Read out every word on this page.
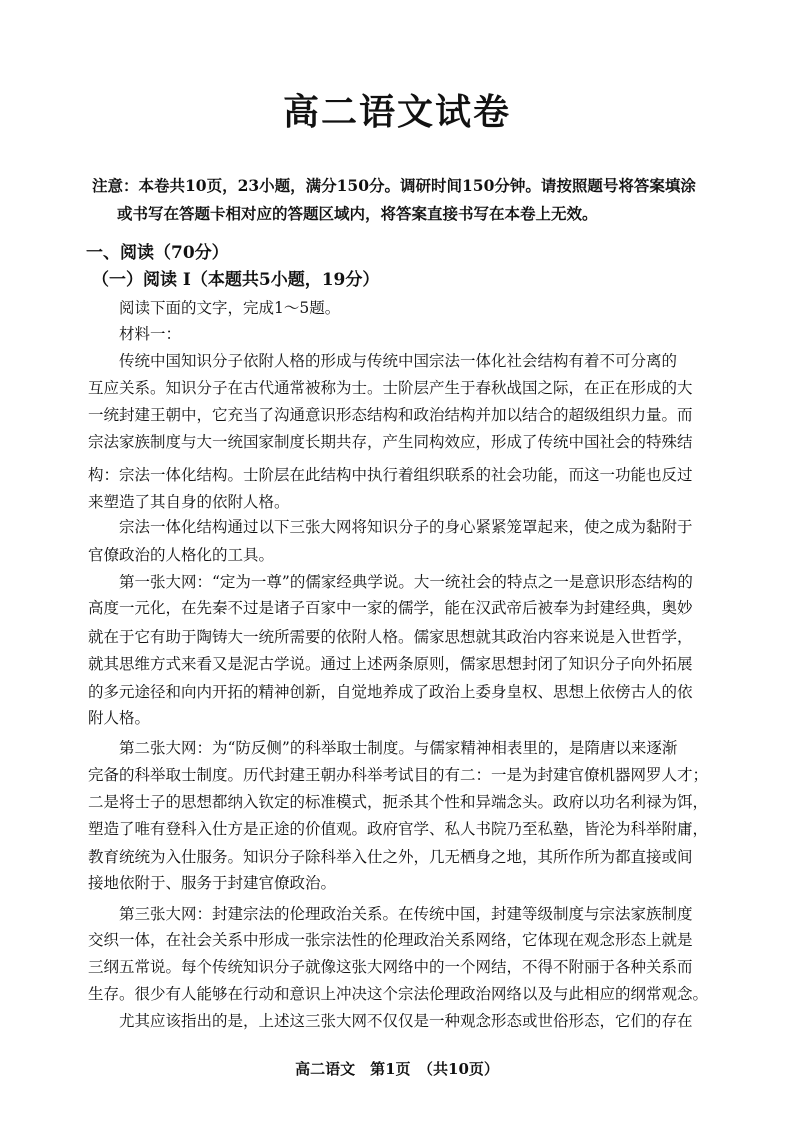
高二语文试卷
注意：本卷共10页，23小题，满分150分。调研时间150分钟。请按照题号将答案填涂
或书写在答题卡相对应的答题区域内，将答案直接书写在本卷上无效。
一、阅读（70分）
（一）阅读 I（本题共5小题，19分）
阅读下面的文字，完成1～5题。
材料一：
传统中国知识分子依附人格的形成与传统中国宗法一体化社会结构有着不可分离的
互应关系。知识分子在古代通常被称为士。士阶层产生于春秋战国之际，在正在形成的大
一统封建王朝中，它充当了沟通意识形态结构和政治结构并加以结合的超级组织力量。而
宗法家族制度与大一统国家制度长期共存，产生同构效应，形成了传统中国社会的特殊结
构：宗法一体化结构。士阶层在此结构中执行着组织联系的社会功能，而这一功能也反过
来塑造了其自身的依附人格。
宗法一体化结构通过以下三张大网将知识分子的身心紧紧笼罩起来，使之成为黏附于
官僚政治的人格化的工具。
第一张大网：“定为一尊”的儒家经典学说。大一统社会的特点之一是意识形态结构的
高度一元化，在先秦不过是诸子百家中一家的儒学，能在汉武帝后被奉为封建经典，奥妙
就在于它有助于陶铸大一统所需要的依附人格。儒家思想就其政治内容来说是入世哲学，
就其思维方式来看又是泥古学说。通过上述两条原则，儒家思想封闭了知识分子向外拓展
的多元途径和向内开拓的精神创新，自觉地养成了政治上委身皇权、思想上依傍古人的依
附人格。
第二张大网：为“防反侧”的科举取士制度。与儒家精神相表里的，是隋唐以来逐渐
完备的科举取士制度。历代封建王朝办科举考试目的有二：一是为封建官僚机器网罗人才；
二是将士子的思想都纳入钦定的标准模式，扼杀其个性和异端念头。政府以功名利禄为饵，
塑造了唯有登科入仕方是正途的价值观。政府官学、私人书院乃至私塾，皆沦为科举附庸，
教育统统为入仕服务。知识分子除科举入仕之外，几无栖身之地，其所作所为都直接或间
接地依附于、服务于封建官僚政治。
第三张大网：封建宗法的伦理政治关系。在传统中国，封建等级制度与宗法家族制度
交织一体，在社会关系中形成一张宗法性的伦理政治关系网络，它体现在观念形态上就是
三纲五常说。每个传统知识分子就像这张大网络中的一个网结，不得不附丽于各种关系而
生存。很少有人能够在行动和意识上冲决这个宗法伦理政治网络以及与此相应的纲常观念。
尤其应该指出的是，上述这三张大网不仅仅是一种观念形态或世俗形态，它们的存在
高二语文　第1页　（共10页）
